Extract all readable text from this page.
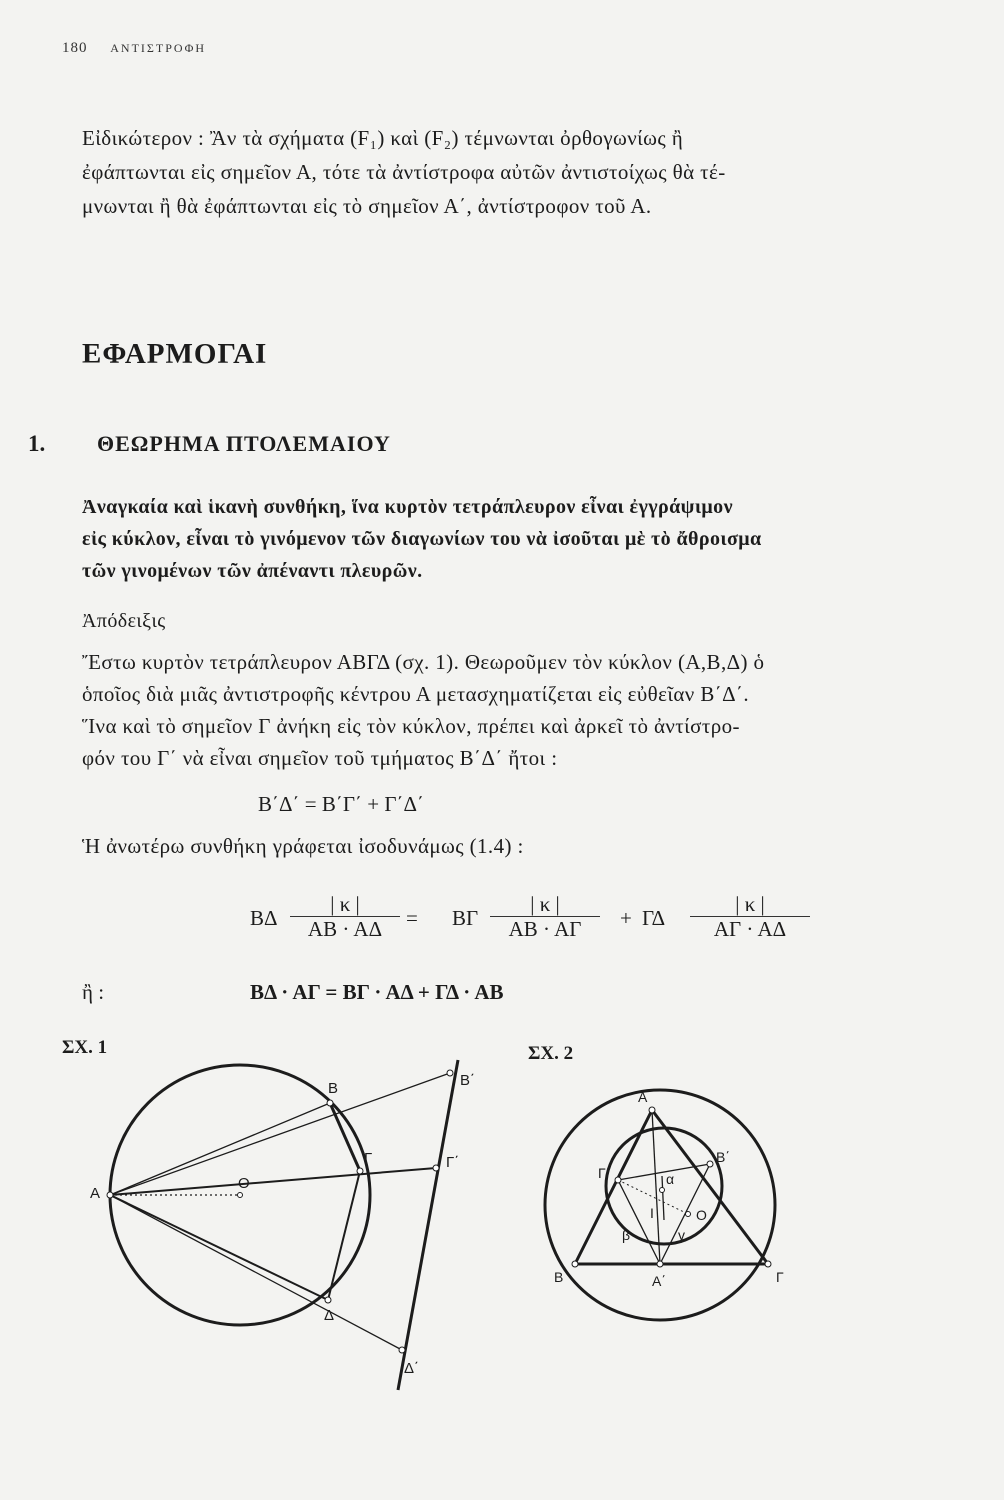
180 ΑΝΤΙΣΤΡΟΦΗ
Εἰδικώτερον : Ἂν τὰ σχήματα (F₁) καὶ (F₂) τέμνωνται ὀρθογωνίως ἢ
ἐφάπτωνται εἰς σημεῖον Α, τότε τὰ ἀντίστροφα αὐτῶν ἀντιστοίχως θὰ τέ-
μνωνται ἢ θὰ ἐφάπτωνται εἰς τὸ σημεῖον Α΄, ἀντίστροφον τοῦ Α.
ΕΦΑΡΜΟΓΑΙ
1. ΘΕΩΡΗΜΑ ΠΤΟΛΕΜΑΙΟΥ
Ἀναγκαία καὶ ἱκανὴ συνθήκη, ἵνα κυρτὸν τετράπλευρον εἶναι ἐγγράψιμον
εἰς κύκλον, εἶναι τὸ γινόμενον τῶν διαγωνίων του νὰ ἰσοῦται μὲ τὸ ἄθροισμα
τῶν γινομένων τῶν ἀπέναντι πλευρῶν.
Ἀπόδειξις
Ἔστω κυρτὸν τετράπλευρον ΑΒΓΔ (σχ. 1). Θεωροῦμεν τὸν κύκλον (Α,Β,Δ) ὁ
ὁποῖος διὰ μιᾶς ἀντιστροφῆς κέντρου Α μετασχηματίζεται εἰς εὐθεῖαν Β΄Δ΄.
Ἵνα καὶ τὸ σημεῖον Γ ἀνήκη εἰς τὸν κύκλον, πρέπει καὶ ἀρκεῖ τὸ ἀντίστρο-
φόν του Γ΄ νὰ εἶναι σημεῖον τοῦ τμήματος Β΄Δ΄ ἤτοι :
Β΄Δ΄ = Β΄Γ΄ + Γ΄Δ΄
Ἡ ἀνωτέρω συνθήκη γράφεται ἰσοδυνάμως (1.4) :
ΒΔ
| κ |
ΑΒ · ΑΔ	= ΒΓ
| κ |
ΑΒ · ΑΓ	+ ΓΔ
| κ |
ΑΓ · ΑΔ
ἢ :	ΒΔ · ΑΓ = ΒΓ · ΑΔ + ΓΔ · ΑΒ
ΣΧ. 1	ΣΧ. 2
Α
Β
Γ
Δ
Ο
Β΄
Γ΄
Δ΄
Α
Β	Γ
Α΄
Β΄
Γ΄
Ι	Ο
α
β	γ
